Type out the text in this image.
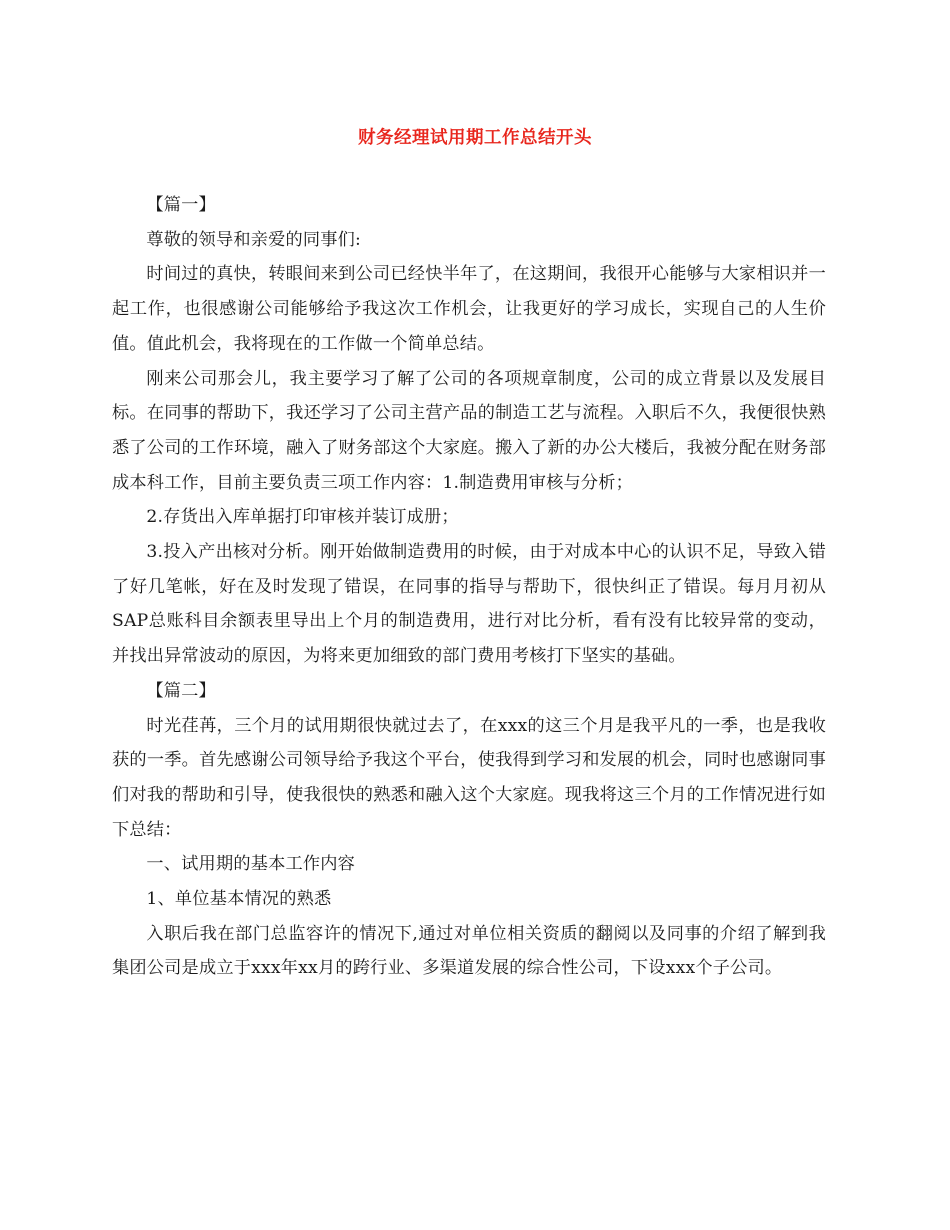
财务经理试用期工作总结开头

【篇一】

尊敬的领导和亲爱的同事们:

时间过的真快，转眼间来到公司已经快半年了，在这期间，我很开心能够与大家相识并一起工作，也很感谢公司能够给予我这次工作机会，让我更好的学习成长，实现自己的人生价值。值此机会，我将现在的工作做一个简单总结。

刚来公司那会儿，我主要学习了解了公司的各项规章制度，公司的成立背景以及发展目标。在同事的帮助下，我还学习了公司主营产品的制造工艺与流程。入职后不久，我便很快熟悉了公司的工作环境，融入了财务部这个大家庭。搬入了新的办公大楼后，我被分配在财务部成本科工作，目前主要负责三项工作内容：1.制造费用审核与分析；

2.存货出入库单据打印审核并装订成册；

3.投入产出核对分析。刚开始做制造费用的时候，由于对成本中心的认识不足，导致入错了好几笔帐，好在及时发现了错误，在同事的指导与帮助下，很快纠正了错误。每月月初从SAP总账科目余额表里导出上个月的制造费用，进行对比分析，看有没有比较异常的变动，并找出异常波动的原因，为将来更加细致的部门费用考核打下坚实的基础。

【篇二】

时光荏苒，三个月的试用期很快就过去了，在xxx的这三个月是我平凡的一季，也是我收获的一季。首先感谢公司领导给予我这个平台，使我得到学习和发展的机会，同时也感谢同事们对我的帮助和引导，使我很快的熟悉和融入这个大家庭。现我将这三个月的工作情况进行如下总结：

一、试用期的基本工作内容

1、单位基本情况的熟悉

入职后我在部门总监容许的情况下,通过对单位相关资质的翻阅以及同事的介绍了解到我集团公司是成立于xxx年xx月的跨行业、多渠道发展的综合性公司，下设xxx个子公司。
